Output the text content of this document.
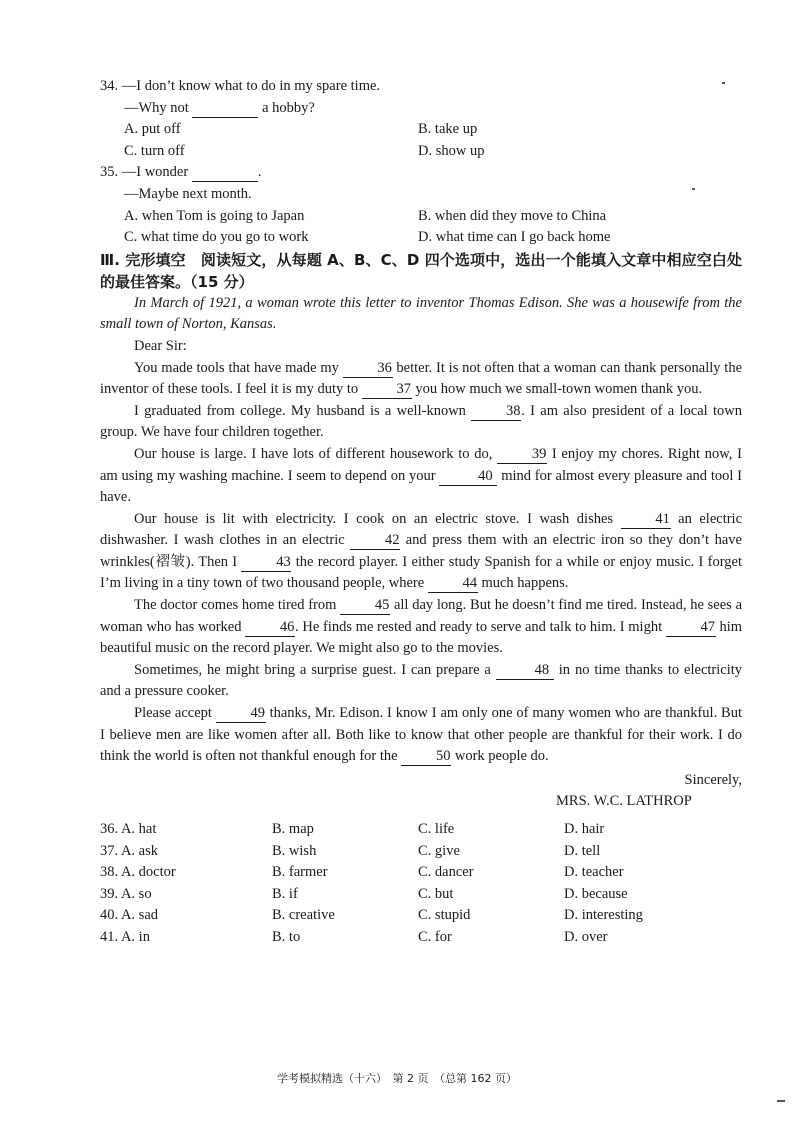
34. —I don’t know what to do in my spare time.
—Why not	a hobby?
A. put off	B. take up
C. turn off	D. show up
35. —I wonder	.
—Maybe next month.
A. when Tom is going to Japan	B. when did they move to China
C. what time do you go to work	D. what time can I go back home
Ⅲ. 完形填空　阅读短文，从每题 A、B、C、D 四个选项中，选出一个能填入文章中相应空白处的最佳答案。（15 分）

In March of 1921, a woman wrote this letter to inventor Thomas Edison. She was a housewife from the small town of Norton, Kansas.

Dear Sir:

You made tools that have made my	36 better. It is not often that a woman can thank personally the inventor of these tools. I feel it is my duty to	37 you how much we small-town women thank you.

I graduated from college. My husband is a well-known	38. I am also president of a local town group. We have four children together.

Our house is large. I have lots of different housework to do,	39 I enjoy my chores. Right now, I am using my washing machine. I seem to depend on your	40 mind for almost every pleasure and tool I have.

Our house is lit with electricity. I cook on an electric stove. I wash dishes	41 an electric dishwasher. I wash clothes in an electric	42 and press them with an electric iron so they don’t have wrinkles(褶皱). Then I	43 the record player. I either study Spanish for a while or enjoy music. I forget I’m living in a tiny town of two thousand people, where	44 much happens.

The doctor comes home tired from	45 all day long. But he doesn’t find me tired. Instead, he sees a woman who has worked	46. He finds me rested and ready to serve and talk to him. I might	47 him beautiful music on the record player. We might also go to the movies.

Sometimes, he might bring a surprise guest. I can prepare a	48 in no time thanks to electricity and a pressure cooker.

Please accept	49 thanks, Mr. Edison. I know I am only one of many women who are thankful. But I believe men are like women after all. Both like to know that other people are thankful for their work. I do think the world is often not thankful enough for the	50 work people do.

Sincerely,
MRS. W.C. LATHROP
36. A. hat	B. map	C. life	D. hair
37. A. ask	B. wish	C. give	D. tell
38. A. doctor	B. farmer	C. dancer	D. teacher
39. A. so	B. if	C. but	D. because
40. A. sad	B. creative	C. stupid	D. interesting
41. A. in	B. to	C. for	D. over
学考模拟精选（十六）　第 2 页　（总第 162 页）
